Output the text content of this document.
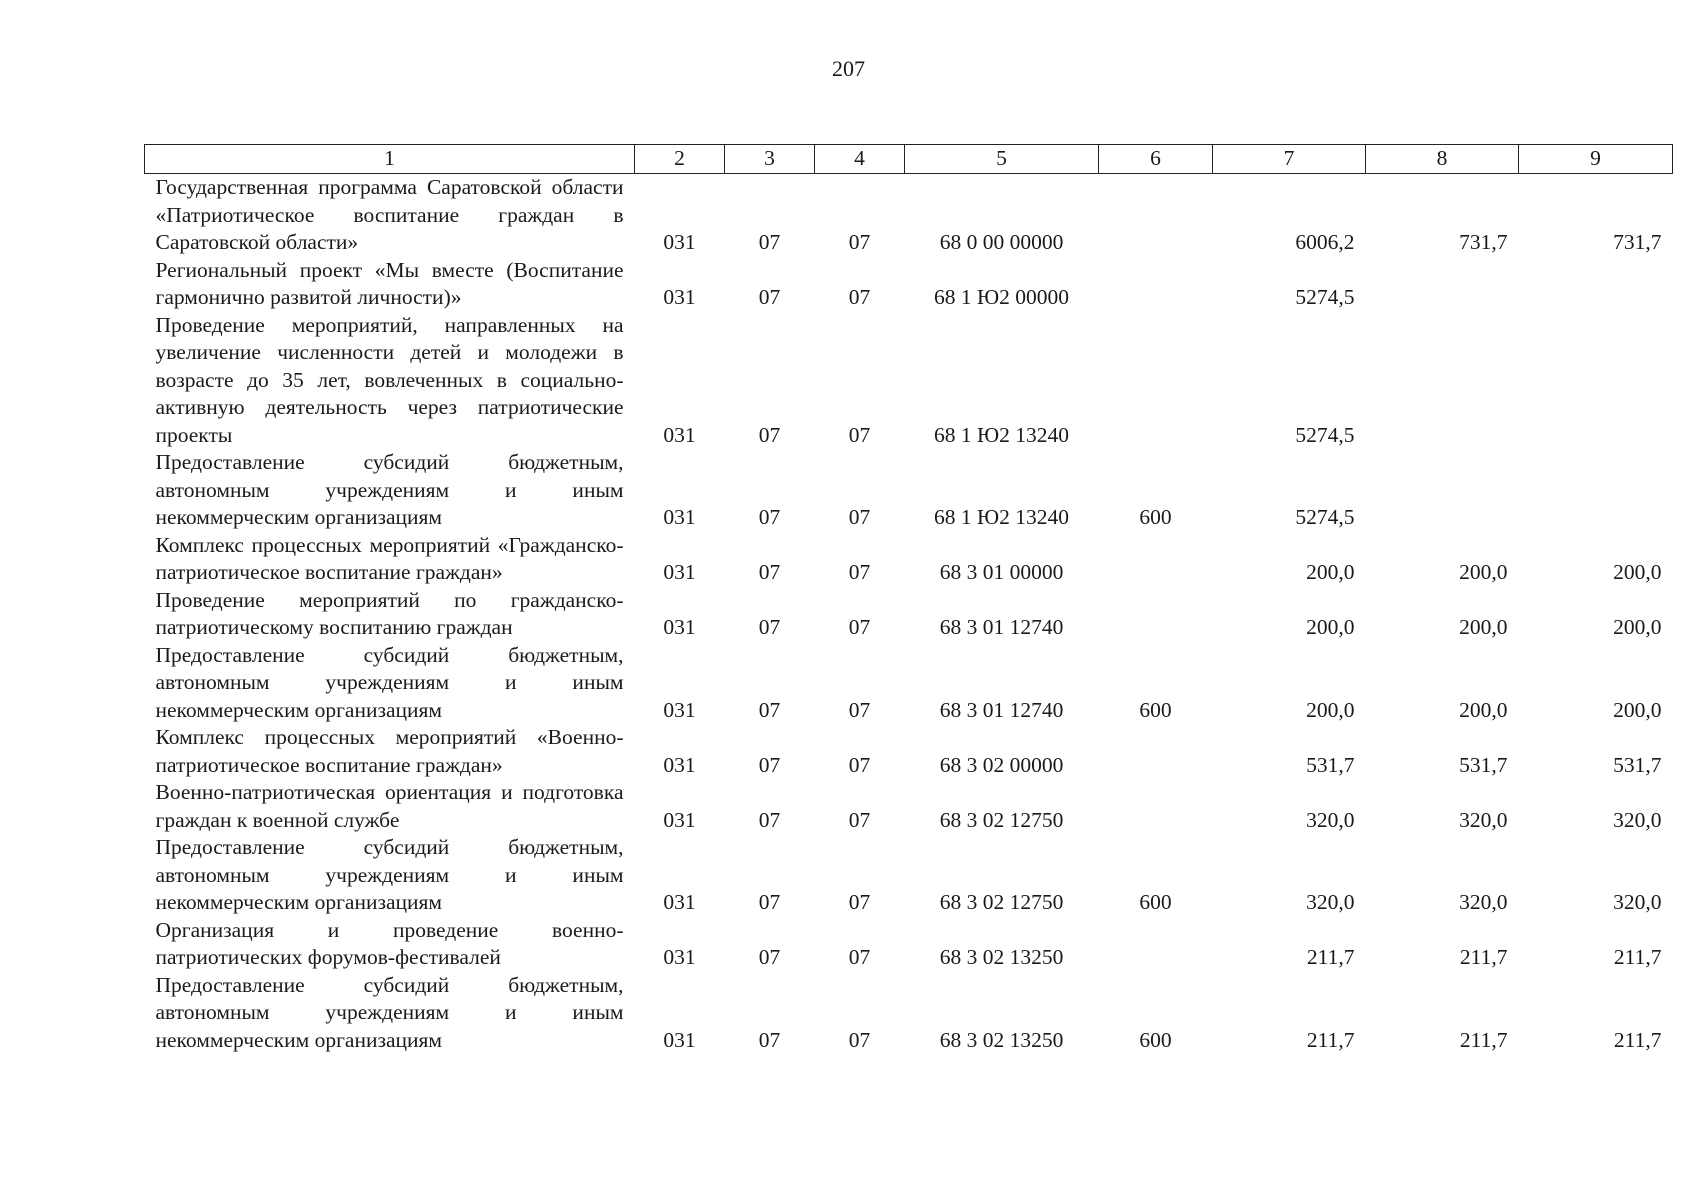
207
1	2	3	4	5	6	7	8	9
Государственная программа Саратовской области «Патриотическое воспитание граждан в Саратовской области»	031	07	07	68 0 00 00000		6006,2	731,7	731,7
Региональный проект «Мы вместе (Воспитание гармонично развитой личности)»	031	07	07	68 1 Ю2 00000		5274,5		
Проведение мероприятий, направленных на увеличение численности детей и молодежи в возрасте до 35 лет, вовлеченных в социально-активную деятельность через патриотические проекты	031	07	07	68 1 Ю2 13240		5274,5		
Предоставление субсидий бюджетным, автономным учреждениям и иным некоммерческим организациям	031	07	07	68 1 Ю2 13240	600	5274,5		
Комплекс процессных мероприятий «Гражданско-патриотическое воспитание граждан»	031	07	07	68 3 01 00000		200,0	200,0	200,0
Проведение мероприятий по гражданско-патриотическому воспитанию граждан	031	07	07	68 3 01 12740		200,0	200,0	200,0
Предоставление субсидий бюджетным, автономным учреждениям и иным некоммерческим организациям	031	07	07	68 3 01 12740	600	200,0	200,0	200,0
Комплекс процессных мероприятий «Военно-патриотическое воспитание граждан»	031	07	07	68 3 02 00000		531,7	531,7	531,7
Военно-патриотическая ориентация и подготовка граждан к военной службе	031	07	07	68 3 02 12750		320,0	320,0	320,0
Предоставление субсидий бюджетным, автономным учреждениям и иным некоммерческим организациям	031	07	07	68 3 02 12750	600	320,0	320,0	320,0
Организация и проведение военно-патриотических форумов-фестивалей	031	07	07	68 3 02 13250		211,7	211,7	211,7
Предоставление субсидий бюджетным, автономным учреждениям и иным некоммерческим организациям	031	07	07	68 3 02 13250	600	211,7	211,7	211,7
